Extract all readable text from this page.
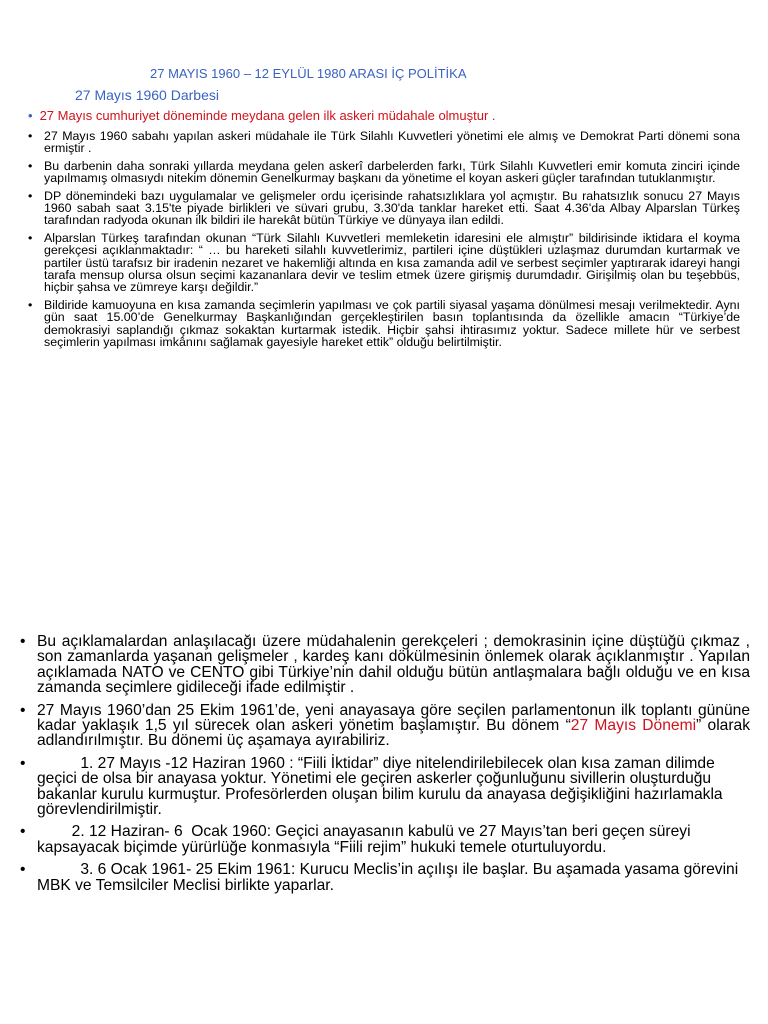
27 MAYIS 1960 – 12 EYLÜL 1980 ARASI İÇ POLİTİKA
27 Mayıs 1960 Darbesi
• 27 Mayıs cumhuriyet döneminde meydana gelen ilk askeri müdahale olmuştur .
• 27 Mayıs 1960 sabahı yapılan askeri müdahale ile Türk Silahlı Kuvvetleri yönetimi ele almış ve Demokrat Parti dönemi sona ermiştir .
• Bu darbenin daha sonraki yıllarda meydana gelen askerî darbelerden farkı, Türk Silahlı Kuvvetleri emir komuta zinciri içinde yapılmamış olmasıydı nitekim dönemin Genelkurmay başkanı da yönetime el koyan askeri güçler tarafından tutuklanmıştır.
• DP dönemindeki bazı uygulamalar ve gelişmeler ordu içerisinde rahatsızlıklara yol açmıştır. Bu rahatsızlık sonucu 27 Mayıs 1960 sabah saat 3.15'te piyade birlikleri ve süvari grubu, 3.30'da tanklar hareket etti. Saat 4.36'da Albay Alparslan Türkeş tarafından radyoda okunan ilk bildiri ile harekât bütün Türkiye ve dünyaya ilan edildi.
• Alparslan Türkeş tarafından okunan “Türk Silahlı Kuvvetleri memleketin idaresini ele almıştır” bildirisinde iktidara el koyma gerekçesi açıklanmaktadır: “ … bu hareketi silahlı kuvvetlerimiz, partileri içine düştükleri uzlaşmaz durumdan kurtarmak ve partiler üstü tarafsız bir iradenin nezaret ve hakemliği altında en kısa zamanda adil ve serbest seçimler yaptırarak idareyi hangi tarafa mensup olursa olsun seçimi kazananlara devir ve teslim etmek üzere girişmiş durumdadır. Girişilmiş olan bu teşebbüs, hiçbir şahsa ve zümreye karşı değildir.”
• Bildiride kamuoyuna en kısa zamanda seçimlerin yapılması ve çok partili siyasal yaşama dönülmesi mesajı verilmektedir. Aynı gün saat 15.00’de Genelkurmay Başkanlığından gerçekleştirilen basın toplantısında da özellikle amacın “Türkiye’de demokrasiyi saplandığı çıkmaz sokaktan kurtarmak istedik. Hiçbir şahsi ihtirasımız yoktur. Sadece millete hür ve serbest seçimlerin yapılması imkânını sağlamak gayesiyle hareket ettik” olduğu belirtilmiştir.
• Bu açıklamalardan anlaşılacağı üzere müdahalenin gerekçeleri ; demokrasinin içine düştüğü çıkmaz , son zamanlarda yaşanan gelişmeler , kardeş kanı dökülmesinin önlemek olarak açıklanmıştır . Yapılan açıklamada NATO ve CENTO gibi Türkiye’nin dahil olduğu bütün antlaşmalara bağlı olduğu ve en kısa zamanda seçimlere gidileceği ifade edilmiştir .
• 27 Mayıs 1960’dan 25 Ekim 1961’de, yeni anayasaya göre seçilen parlamentonun ilk toplantı gününe kadar yaklaşık 1,5 yıl sürecek olan askeri yönetim başlamıştır. Bu dönem “27 Mayıs Dönemi” olarak adlandırılmıştır. Bu dönemi üç aşamaya ayırabiliriz.
•           1. 27 Mayıs -12 Haziran 1960 : “Fiili İktidar” diye nitelendirilebilecek olan kısa zaman dilimde geçici de olsa bir anayasa yoktur. Yönetimi ele geçiren askerler çoğunluğunu sivillerin oluşturduğu bakanlar kurulu kurmuştur. Profesörlerden oluşan bilim kurulu da anayasa değişikliğini hazırlamakla görevlendirilmiştir.
•         2. 12 Haziran- 6  Ocak 1960: Geçici anayasanın kabulü ve 27 Mayıs’tan beri geçen süreyi kapsayacak biçimde yürürlüğe konmasıyla “Fiili rejim” hukuki temele oturtuluyordu.
•           3. 6 Ocak 1961- 25 Ekim 1961: Kurucu Meclis’in açılışı ile başlar. Bu aşamada yasama görevini MBK ve Temsilciler Meclisi birlikte yaparlar.
